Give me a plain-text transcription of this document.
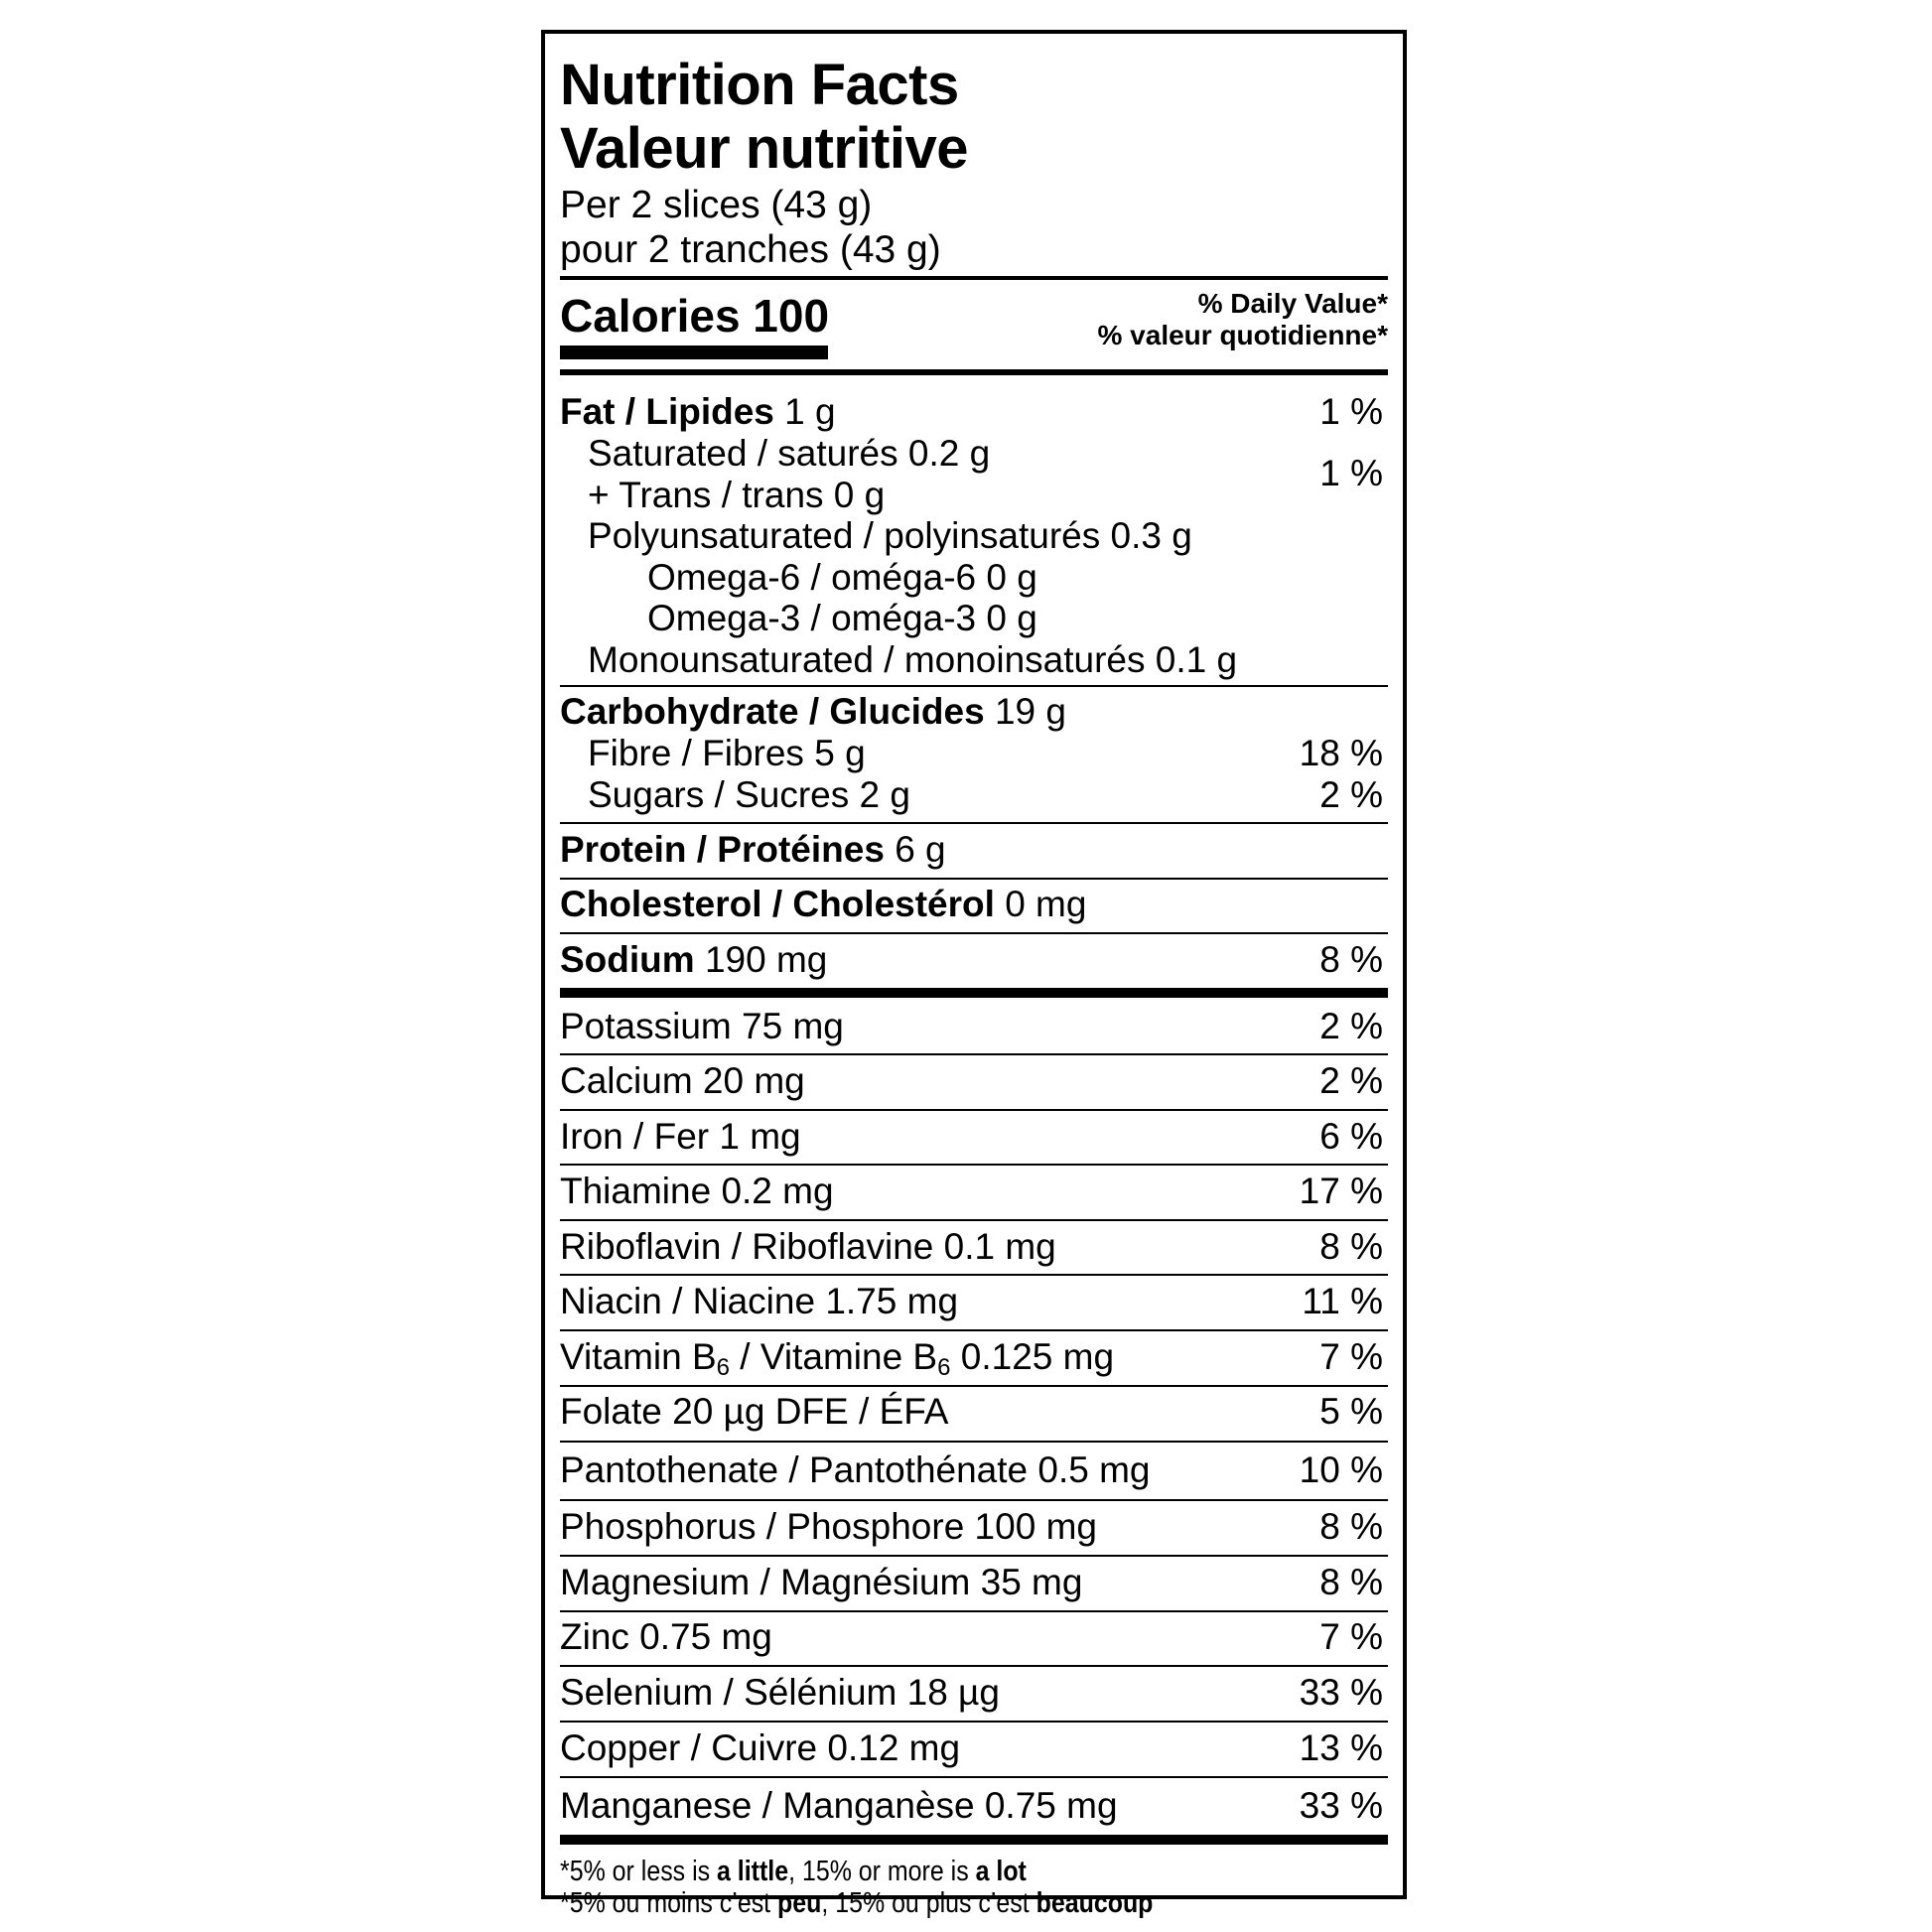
Nutrition Facts
Valeur nutritive
Per 2 slices (43 g)
pour 2 tranches (43 g)
Calories 100	% Daily Value*
% valeur quotidienne*
Fat / Lipides 1 g	1 %
Saturated / saturés 0.2 g	1 %
+ Trans / trans 0 g
Polyunsaturated / polyinsaturés 0.3 g
Omega-6 / oméga-6 0 g
Omega-3 / oméga-3 0 g
Monounsaturated / monoinsaturés 0.1 g
Carbohydrate / Glucides 19 g
Fibre / Fibres 5 g	18 %
Sugars / Sucres 2 g	2 %
Protein / Protéines 6 g
Cholesterol / Cholestérol 0 mg
Sodium 190 mg	8 %
Potassium 75 mg	2 %
Calcium 20 mg	2 %
Iron / Fer 1 mg	6 %
Thiamine 0.2 mg	17 %
Riboflavin / Riboflavine 0.1 mg	8 %
Niacin / Niacine 1.75 mg	11 %
Vitamin $B_6$ / Vitamine $B_6$ 0.125 mg	7 %
Folate 20 µg DFE / ÉFA	5 %
Pantothenate / Pantothénate 0.5 mg	10 %
Phosphorus / Phosphore 100 mg	8 %
Magnesium / Magnésium 35 mg	8 %
Zinc 0.75 mg	7 %
Selenium / Sélénium 18 µg	33 %
Copper / Cuivre 0.12 mg	13 %
Manganese / Manganèse 0.75 mg	33 %
*5% or less is a little, 15% or more is a lot
*5% ou moins c’est peu, 15% ou plus c’est beaucoup
